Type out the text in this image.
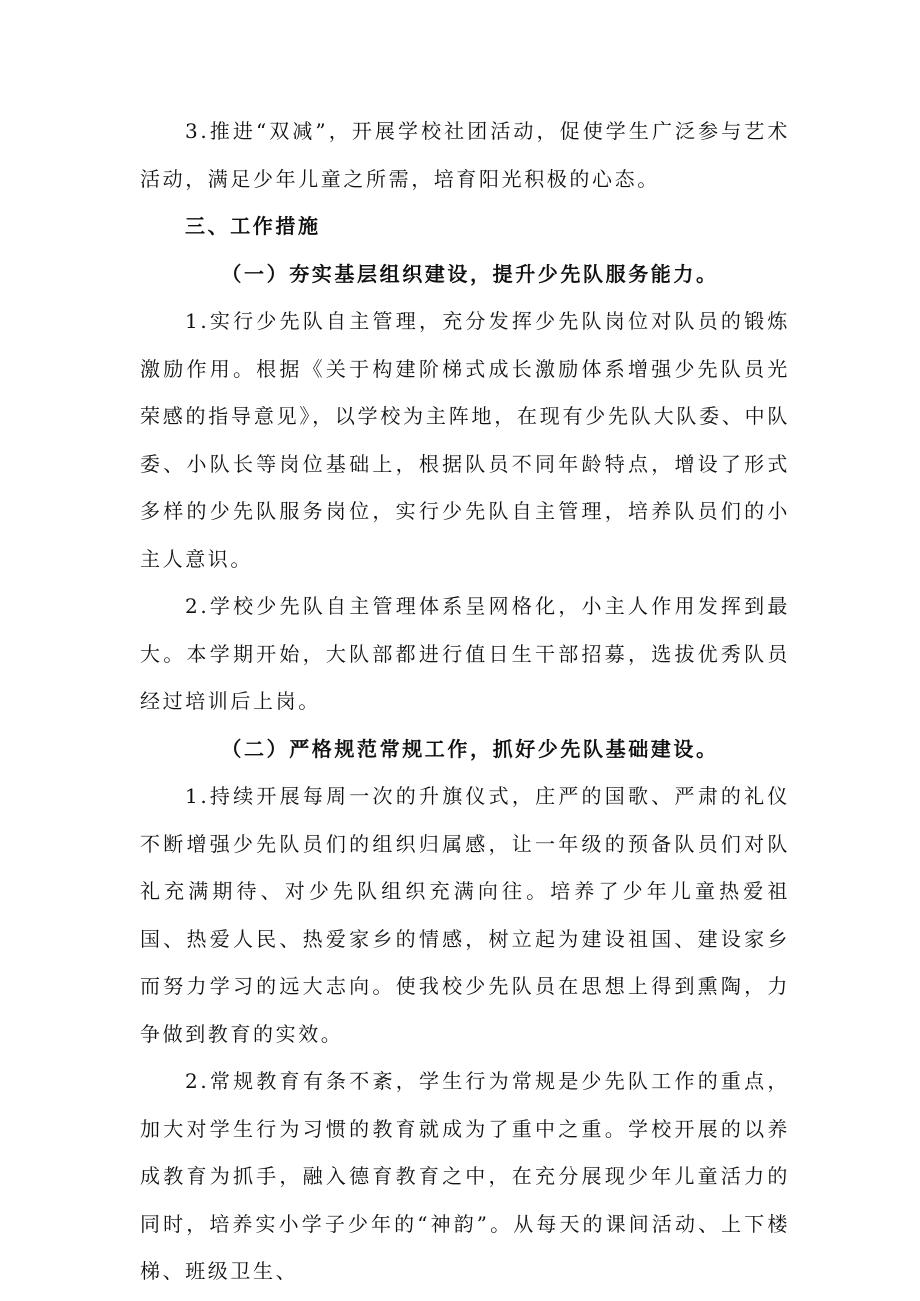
3.推进“双减”，开展学校社团活动，促使学生广泛参与艺术活动，满足少年儿童之所需，培育阳光积极的心态。

三、工作措施

（一）夯实基层组织建设，提升少先队服务能力。

1.实行少先队自主管理，充分发挥少先队岗位对队员的锻炼激励作用。根据《关于构建阶梯式成长激励体系增强少先队员光荣感的指导意见》，以学校为主阵地，在现有少先队大队委、中队委、小队长等岗位基础上，根据队员不同年龄特点，增设了形式多样的少先队服务岗位，实行少先队自主管理，培养队员们的小主人意识。

2.学校少先队自主管理体系呈网格化，小主人作用发挥到最大。本学期开始，大队部都进行值日生干部招募，选拔优秀队员经过培训后上岗。

（二）严格规范常规工作，抓好少先队基础建设。

1.持续开展每周一次的升旗仪式，庄严的国歌、严肃的礼仪不断增强少先队员们的组织归属感，让一年级的预备队员们对队礼充满期待、对少先队组织充满向往。培养了少年儿童热爱祖国、热爱人民、热爱家乡的情感，树立起为建设祖国、建设家乡而努力学习的远大志向。使我校少先队员在思想上得到熏陶，力争做到教育的实效。

2.常规教育有条不紊，学生行为常规是少先队工作的重点，加大对学生行为习惯的教育就成为了重中之重。学校开展的以养成教育为抓手，融入德育教育之中，在充分展现少年儿童活力的同时，培养实小学子少年的“神韵”。从每天的课间活动、上下楼梯、班级卫生、
